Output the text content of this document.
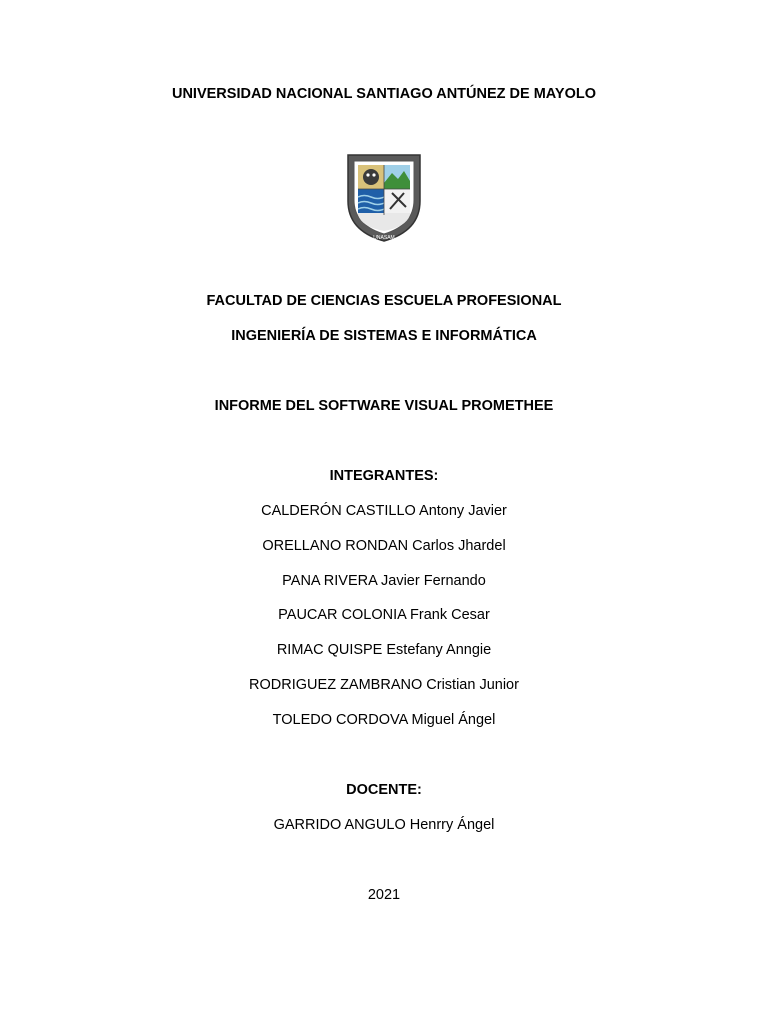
UNIVERSIDAD NACIONAL SANTIAGO ANTÚNEZ DE MAYOLO
UNASAM
FACULTAD DE CIENCIAS ESCUELA PROFESIONAL
INGENIERÍA DE SISTEMAS E INFORMÁTICA
INFORME DEL SOFTWARE VISUAL PROMETHEE
INTEGRANTES:
CALDERÓN CASTILLO Antony Javier
ORELLANO RONDAN Carlos Jhardel
PANA RIVERA Javier Fernando
PAUCAR COLONIA Frank Cesar
RIMAC QUISPE Estefany Anngie
RODRIGUEZ ZAMBRANO Cristian Junior
TOLEDO CORDOVA Miguel Ángel
DOCENTE:
GARRIDO ANGULO Henrry Ángel
2021
